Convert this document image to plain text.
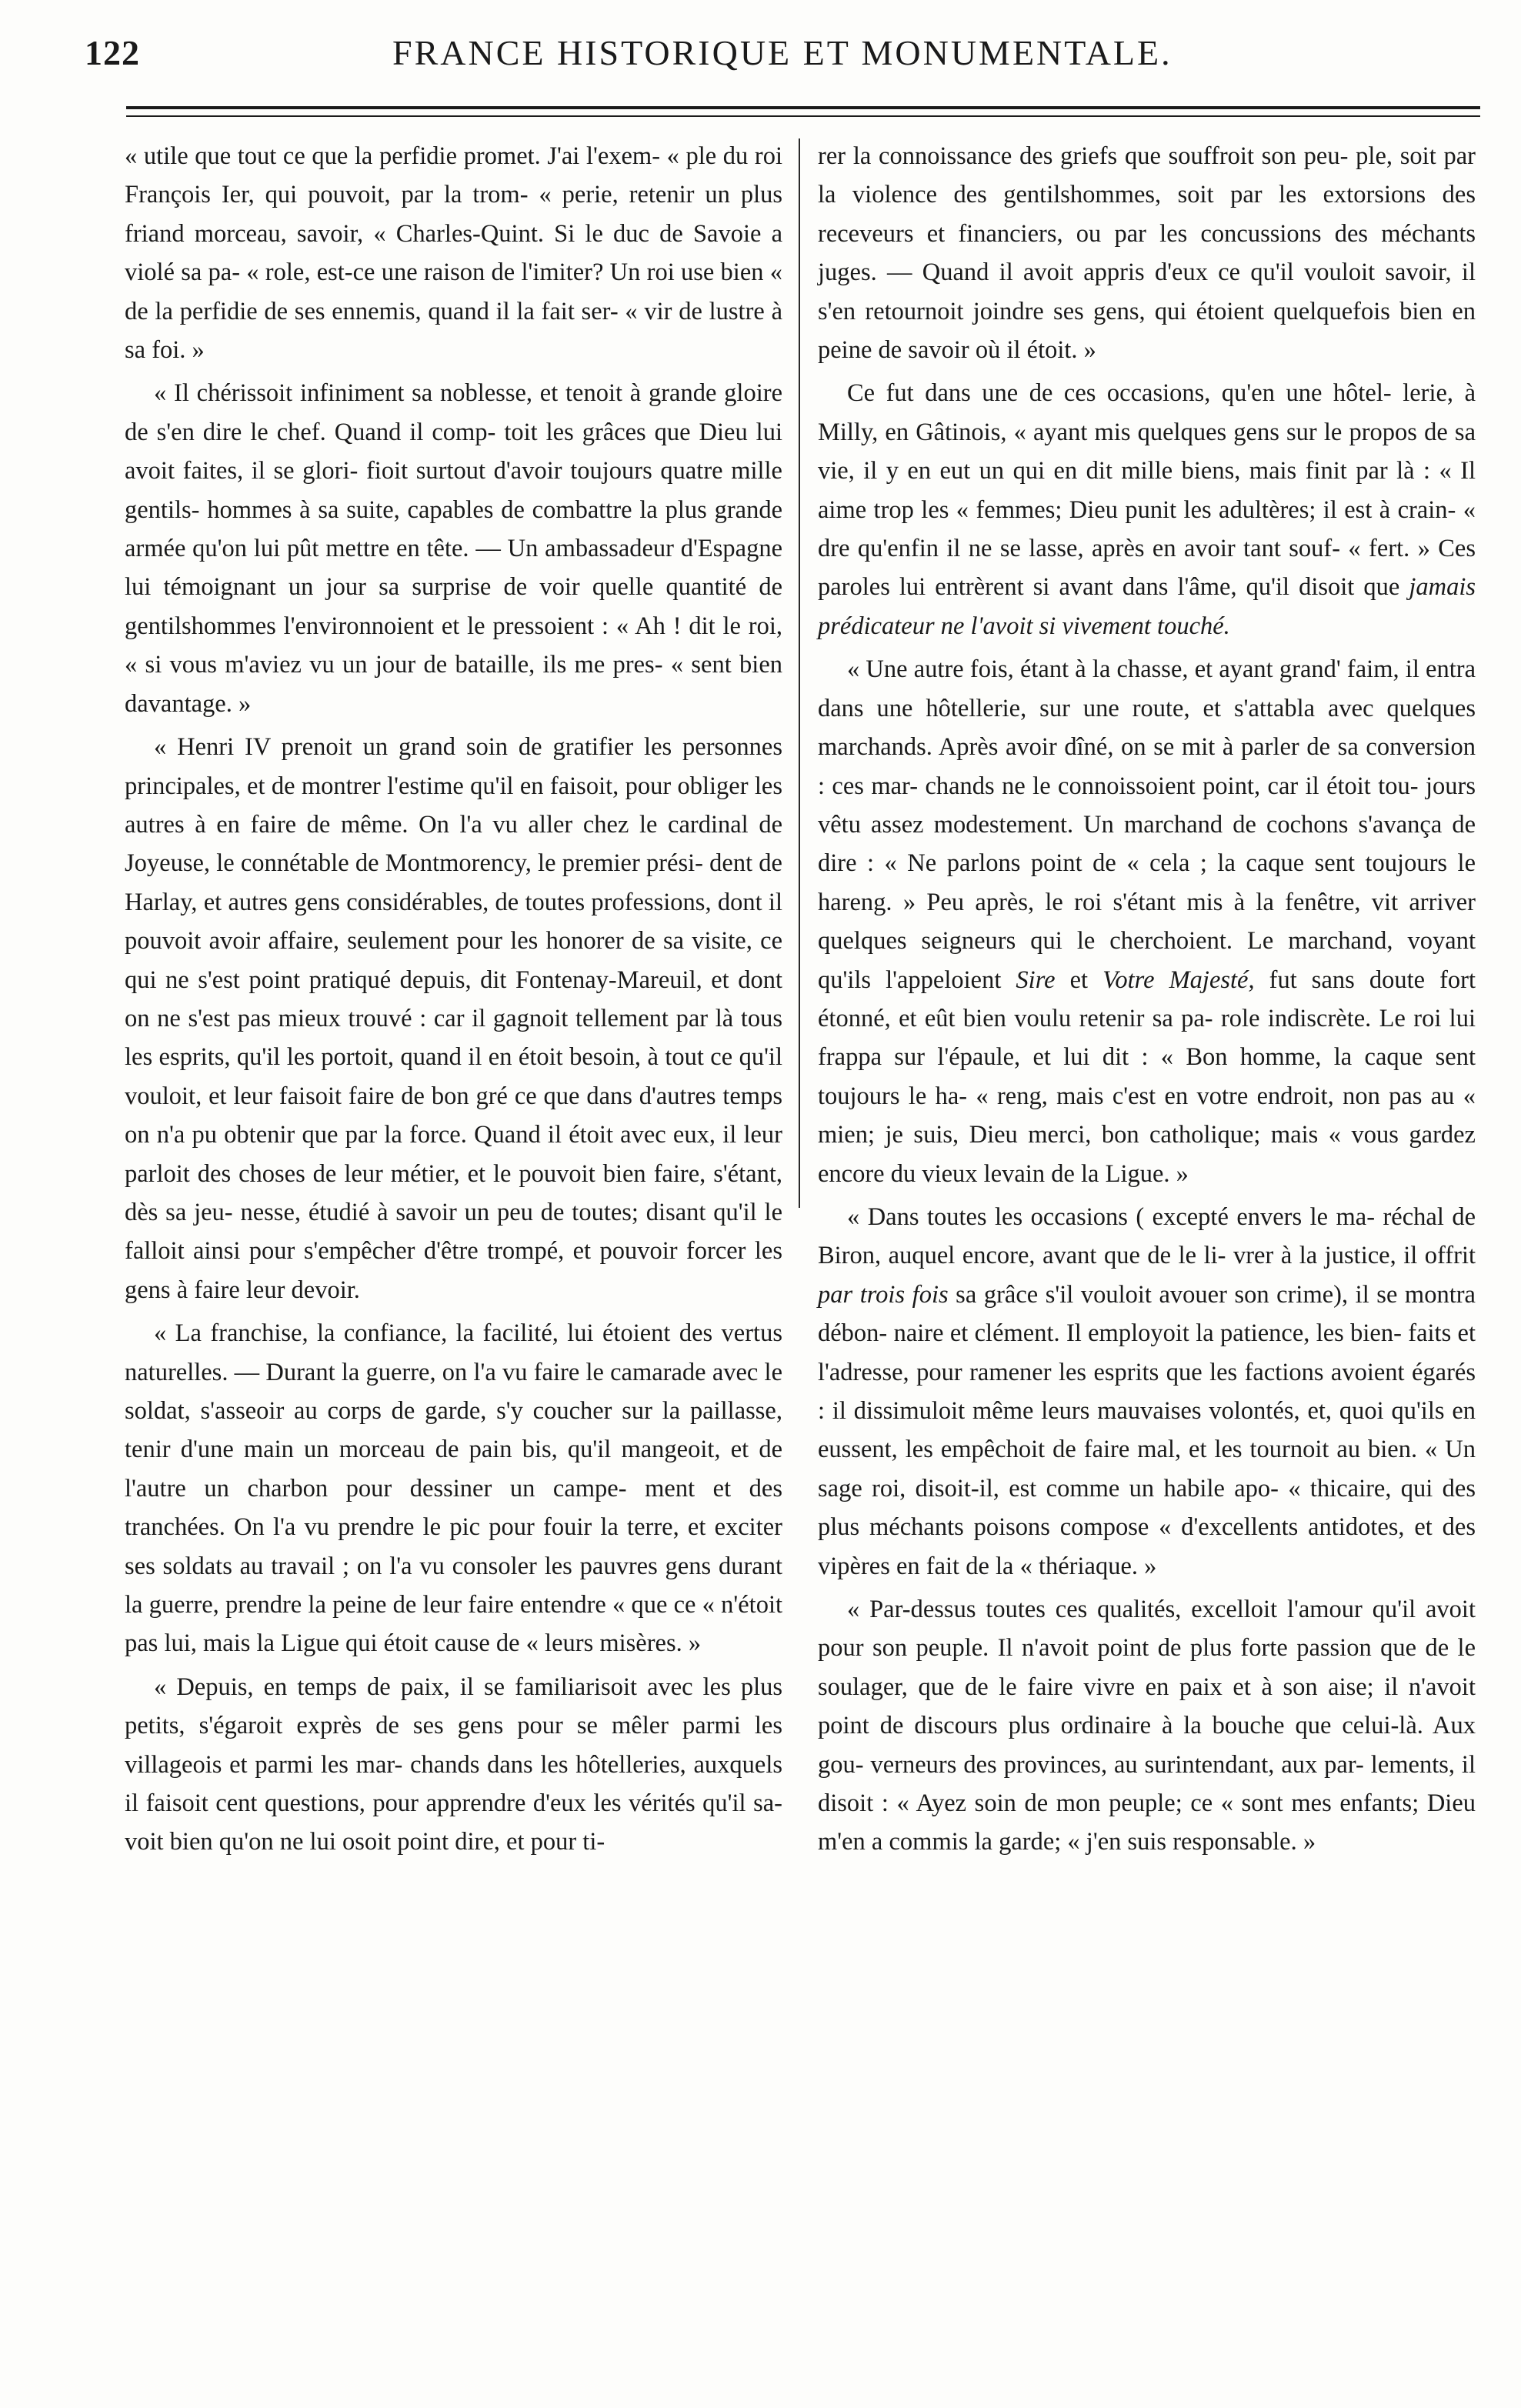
122	FRANCE HISTORIQUE ET MONUMENTALE.

« utile que tout ce que la perfidie promet. J'ai l'exem- « ple du roi François Ier, qui pouvoit, par la trom- « perie, retenir un plus friand morceau, savoir, « Charles-Quint. Si le duc de Savoie a violé sa pa- « role, est-ce une raison de l'imiter? Un roi use bien « de la perfidie de ses ennemis, quand il la fait ser- « vir de lustre à sa foi. »

« Il chérissoit infiniment sa noblesse, et tenoit à grande gloire de s'en dire le chef. Quand il comp- toit les grâces que Dieu lui avoit faites, il se glori- fioit surtout d'avoir toujours quatre mille gentils- hommes à sa suite, capables de combattre la plus grande armée qu'on lui pût mettre en tête. — Un ambassadeur d'Espagne lui témoignant un jour sa surprise de voir quelle quantité de gentilshommes l'environnoient et le pressoient : « Ah ! dit le roi, « si vous m'aviez vu un jour de bataille, ils me pres- « sent bien davantage. »

« Henri IV prenoit un grand soin de gratifier les personnes principales, et de montrer l'estime qu'il en faisoit, pour obliger les autres à en faire de même. On l'a vu aller chez le cardinal de Joyeuse, le connétable de Montmorency, le premier prési- dent de Harlay, et autres gens considérables, de toutes professions, dont il pouvoit avoir affaire, seulement pour les honorer de sa visite, ce qui ne s'est point pratiqué depuis, dit Fontenay-Mareuil, et dont on ne s'est pas mieux trouvé : car il gagnoit tellement par là tous les esprits, qu'il les portoit, quand il en étoit besoin, à tout ce qu'il vouloit, et leur faisoit faire de bon gré ce que dans d'autres temps on n'a pu obtenir que par la force. Quand il étoit avec eux, il leur parloit des choses de leur métier, et le pouvoit bien faire, s'étant, dès sa jeu- nesse, étudié à savoir un peu de toutes; disant qu'il le falloit ainsi pour s'empêcher d'être trompé, et pouvoir forcer les gens à faire leur devoir.

« La franchise, la confiance, la facilité, lui étoient des vertus naturelles. — Durant la guerre, on l'a vu faire le camarade avec le soldat, s'asseoir au corps de garde, s'y coucher sur la paillasse, tenir d'une main un morceau de pain bis, qu'il mangeoit, et de l'autre un charbon pour dessiner un campe- ment et des tranchées. On l'a vu prendre le pic pour fouir la terre, et exciter ses soldats au travail ; on l'a vu consoler les pauvres gens durant la guerre, prendre la peine de leur faire entendre « que ce « n'étoit pas lui, mais la Ligue qui étoit cause de « leurs misères. »

« Depuis, en temps de paix, il se familiarisoit avec les plus petits, s'égaroit exprès de ses gens pour se mêler parmi les villageois et parmi les mar- chands dans les hôtelleries, auxquels il faisoit cent questions, pour apprendre d'eux les vérités qu'il sa- voit bien qu'on ne lui osoit point dire, et pour ti-

rer la connoissance des griefs que souffroit son peu- ple, soit par la violence des gentilshommes, soit par les extorsions des receveurs et financiers, ou par les concussions des méchants juges. — Quand il avoit appris d'eux ce qu'il vouloit savoir, il s'en retournoit joindre ses gens, qui étoient quelquefois bien en peine de savoir où il étoit. »

Ce fut dans une de ces occasions, qu'en une hôtel- lerie, à Milly, en Gâtinois, « ayant mis quelques gens sur le propos de sa vie, il y en eut un qui en dit mille biens, mais finit par là : « Il aime trop les « femmes; Dieu punit les adultères; il est à crain- « dre qu'enfin il ne se lasse, après en avoir tant souf- « fert. » Ces paroles lui entrèrent si avant dans l'âme, qu'il disoit que jamais prédicateur ne l'avoit si vivement touché.

« Une autre fois, étant à la chasse, et ayant grand' faim, il entra dans une hôtellerie, sur une route, et s'attabla avec quelques marchands. Après avoir dîné, on se mit à parler de sa conversion : ces mar- chands ne le connoissoient point, car il étoit tou- jours vêtu assez modestement. Un marchand de cochons s'avança de dire : « Ne parlons point de « cela ; la caque sent toujours le hareng. » Peu après, le roi s'étant mis à la fenêtre, vit arriver quelques seigneurs qui le cherchoient. Le marchand, voyant qu'ils l'appeloient Sire et Votre Majesté, fut sans doute fort étonné, et eût bien voulu retenir sa pa- role indiscrète. Le roi lui frappa sur l'épaule, et lui dit : « Bon homme, la caque sent toujours le ha- « reng, mais c'est en votre endroit, non pas au « mien; je suis, Dieu merci, bon catholique; mais « vous gardez encore du vieux levain de la Ligue. »

« Dans toutes les occasions ( excepté envers le ma- réchal de Biron, auquel encore, avant que de le li- vrer à la justice, il offrit par trois fois sa grâce s'il vouloit avouer son crime), il se montra débon- naire et clément. Il employoit la patience, les bien- faits et l'adresse, pour ramener les esprits que les factions avoient égarés : il dissimuloit même leurs mauvaises volontés, et, quoi qu'ils en eussent, les empêchoit de faire mal, et les tournoit au bien. « Un sage roi, disoit-il, est comme un habile apo- « thicaire, qui des plus méchants poisons compose « d'excellents antidotes, et des vipères en fait de la « thériaque. »

« Par-dessus toutes ces qualités, excelloit l'amour qu'il avoit pour son peuple. Il n'avoit point de plus forte passion que de le soulager, que de le faire vivre en paix et à son aise; il n'avoit point de discours plus ordinaire à la bouche que celui-là. Aux gou- verneurs des provinces, au surintendant, aux par- lements, il disoit : « Ayez soin de mon peuple; ce « sont mes enfants; Dieu m'en a commis la garde; « j'en suis responsable. »
